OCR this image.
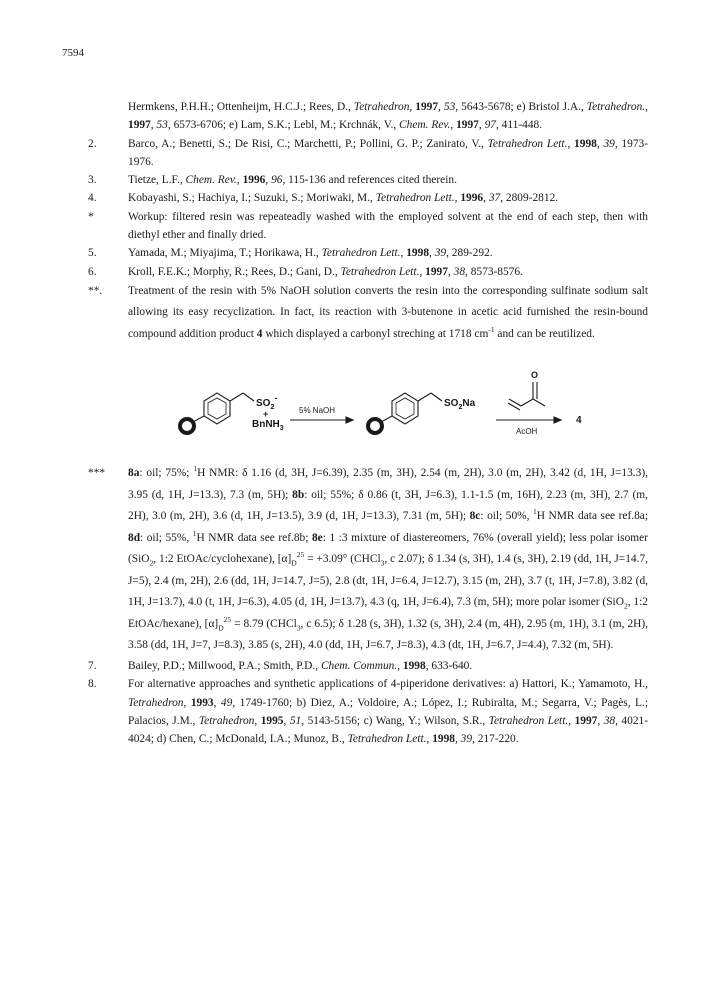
7594
Hermkens, P.H.H.; Ottenheijm, H.C.J.; Rees, D., Tetrahedron, 1997, 53, 5643-5678; e) Bristol J.A., Tetrahedron., 1997, 53, 6573-6706; e) Lam, S.K.; Lebl, M.; Krchnák, V., Chem. Rev., 1997, 97, 411-448.
2.	Barco, A.; Benetti, S.; De Risi, C.; Marchetti, P.; Pollini, G. P.; Zanirato, V., Tetrahedron Lett., 1998, 39, 1973-1976.
3.	Tietze, L.F., Chem. Rev., 1996, 96, 115-136 and references cited therein.
4.	Kobayashi, S.; Hachiya, I.; Suzuki, S.; Moriwaki, M., Tetrahedron Lett., 1996, 37, 2809-2812.
*	Workup: filtered resin was repeateadly washed with the employed solvent at the end of each step, then with diethyl ether and finally dried.
5.	Yamada, M.; Miyajima, T.; Horikawa, H., Tetrahedron Lett., 1998, 39, 289-292.
6.	Kroll, F.E.K.; Morphy, R.; Rees, D.; Gani, D., Tetrahedron Lett., 1997, 38, 8573-8576.
**.	Treatment of the resin with 5% NaOH solution converts the resin into the corresponding sulfinate sodium salt allowing its easy recyclization. In fact, its reaction with 3-butenone in acetic acid furnished the resin-bound compound addition product 4 which displayed a carbonyl streching at 1718 $cm^{-1}$ and can be reutilized.
$SO_2-$
+
BnNH$_3$
5% NaOH
$SO_2Na$
O
AcOH
4
***	8a: oil; 75%; $^1$H NMR: δ 1.16 (d, 3H, J=6.39), 2.35 (m, 3H), 2.54 (m, 2H), 3.0 (m, 2H), 3.42 (d, 1H, J=13.3), 3.95 (d, 1H, J=13.3), 7.3 (m, 5H); 8b: oil; 55%; δ 0.86 (t, 3H, J=6.3), 1.1-1.5 (m, 16H), 2.23 (m, 3H), 2.7 (m, 2H), 3.0 (m, 2H), 3.6 (d, 1H, J=13.5), 3.9 (d, 1H, J=13.3), 7.31 (m, 5H); 8c: oil; 50%, $^1$H NMR data see ref.8a; 8d: oil; 55%, $^1$H NMR data see ref.8b; 8e: 1 :3 mixture of diastereomers, 76% (overall yield); less polar isomer (SiO$_2$, 1:2 EtOAc/cyclohexane), $[\alpha]_D^{25} = +3.09^\circ$ (CHCl$_3$, c 2.07); δ 1.34 (s, 3H), 1.4 (s, 3H), 2.19 (dd, 1H, J=14.7, J=5), 2.4 (m, 2H), 2.6 (dd, 1H, J=14.7, J=5), 2.8 (dt, 1H, J=6.4, J=12.7), 3.15 (m, 2H), 3.7 (t, 1H, J=7.8), 3.82 (d, 1H, J=13.7), 4.0 (t, 1H, J=6.3), 4.05 (d, 1H, J=13.7), 4.3 (q, 1H, J=6.4), 7.3 (m, 5H); more polar isomer (SiO$_2$, 1:2 EtOAc/hexane), $[\alpha]_D^{25} = 8.79$ (CHCl$_3$, c 6.5); δ 1.28 (s, 3H), 1.32 (s, 3H), 2.4 (m, 4H), 2.95 (m, 1H), 3.1 (m, 2H), 3.58 (dd, 1H, J=7, J=8.3), 3.85 (s, 2H), 4.0 (dd, 1H, J=6.7, J=8.3), 4.3 (dt, 1H, J=6.7, J=4.4), 7.32 (m, 5H).
7.	Bailey, P.D.; Millwood, P.A.; Smith, P.D., Chem. Commun., 1998, 633-640.
8.	For alternative approaches and synthetic applications of 4-piperidone derivatives: a) Hattori, K.; Yamamoto, H., Tetrahedron, 1993, 49, 1749-1760; b) Diez, A.; Voldoire, A.; López, I.; Rubiralta, M.; Segarra, V.; Pagès, L.; Palacios, J.M., Tetrahedron, 1995, 51, 5143-5156; c) Wang, Y.; Wilson, S.R., Tetrahedron Lett., 1997, 38, 4021-4024; d) Chen, C.; McDonald, I.A.; Munoz, B., Tetrahedron Lett., 1998, 39, 217-220.
